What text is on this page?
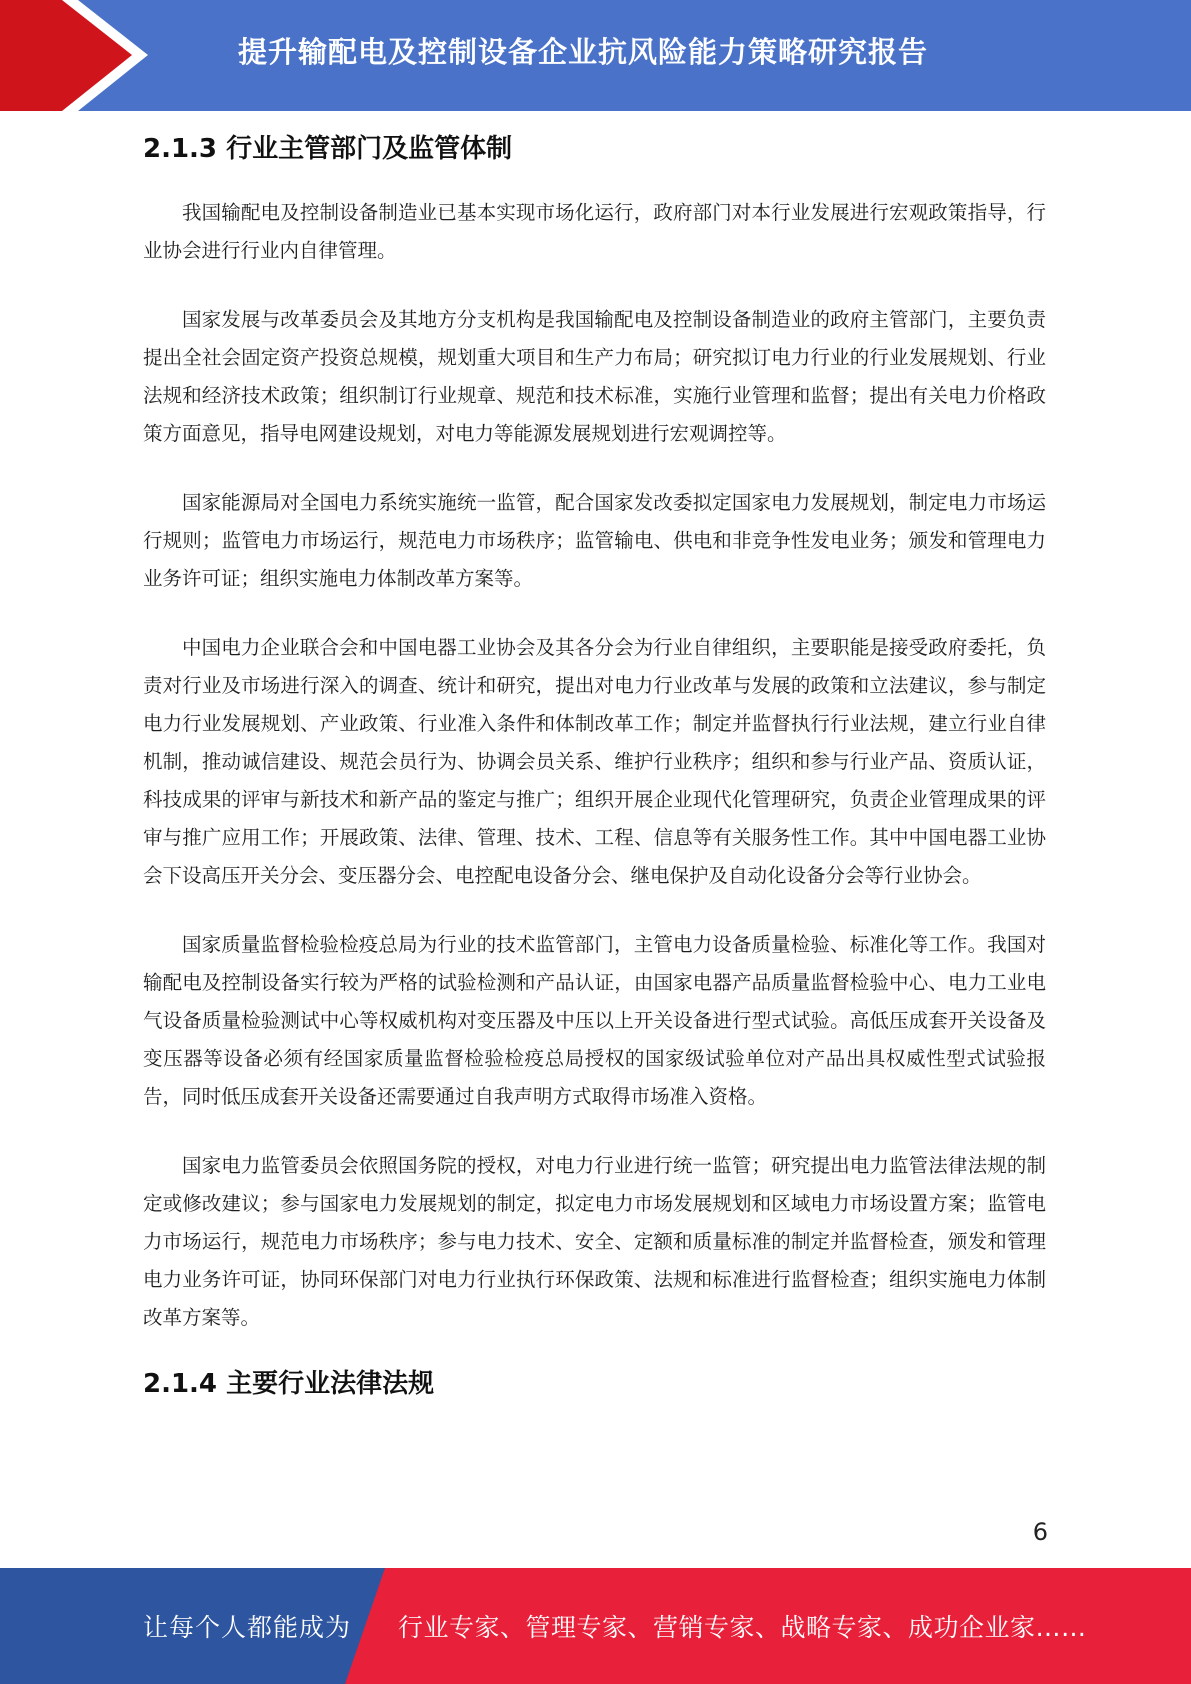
提升输配电及控制设备企业抗风险能力策略研究报告
2.1.3 行业主管部门及监管体制

我国输配电及控制设备制造业已基本实现市场化运行，政府部门对本行业发展进行宏观政策指导，行业协会进行行业内自律管理。

国家发展与改革委员会及其地方分支机构是我国输配电及控制设备制造业的政府主管部门，主要负责提出全社会固定资产投资总规模，规划重大项目和生产力布局；研究拟订电力行业的行业发展规划、行业法规和经济技术政策；组织制订行业规章、规范和技术标准，实施行业管理和监督；提出有关电力价格政策方面意见，指导电网建设规划，对电力等能源发展规划进行宏观调控等。

国家能源局对全国电力系统实施统一监管，配合国家发改委拟定国家电力发展规划，制定电力市场运行规则；监管电力市场运行，规范电力市场秩序；监管输电、供电和非竞争性发电业务；颁发和管理电力业务许可证；组织实施电力体制改革方案等。

中国电力企业联合会和中国电器工业协会及其各分会为行业自律组织，主要职能是接受政府委托，负责对行业及市场进行深入的调查、统计和研究，提出对电力行业改革与发展的政策和立法建议，参与制定电力行业发展规划、产业政策、行业准入条件和体制改革工作；制定并监督执行行业法规，建立行业自律机制，推动诚信建设、规范会员行为、协调会员关系、维护行业秩序；组织和参与行业产品、资质认证，科技成果的评审与新技术和新产品的鉴定与推广；组织开展企业现代化管理研究，负责企业管理成果的评审与推广应用工作；开展政策、法律、管理、技术、工程、信息等有关服务性工作。其中中国电器工业协会下设高压开关分会、变压器分会、电控配电设备分会、继电保护及自动化设备分会等行业协会。

国家质量监督检验检疫总局为行业的技术监管部门，主管电力设备质量检验、标准化等工作。我国对输配电及控制设备实行较为严格的试验检测和产品认证，由国家电器产品质量监督检验中心、电力工业电气设备质量检验测试中心等权威机构对变压器及中压以上开关设备进行型式试验。高低压成套开关设备及变压器等设备必须有经国家质量监督检验检疫总局授权的国家级试验单位对产品出具权威性型式试验报告，同时低压成套开关设备还需要通过自我声明方式取得市场准入资格。

国家电力监管委员会依照国务院的授权，对电力行业进行统一监管；研究提出电力监管法律法规的制定或修改建议；参与国家电力发展规划的制定，拟定电力市场发展规划和区域电力市场设置方案；监管电力市场运行，规范电力市场秩序；参与电力技术、安全、定额和质量标准的制定并监督检查，颁发和管理电力业务许可证，协同环保部门对电力行业执行环保政策、法规和标准进行监督检查；组织实施电力体制改革方案等。

2.1.4 主要行业法律法规
6
让每个人都能成为 行业专家、管理专家、营销专家、战略专家、成功企业家……
